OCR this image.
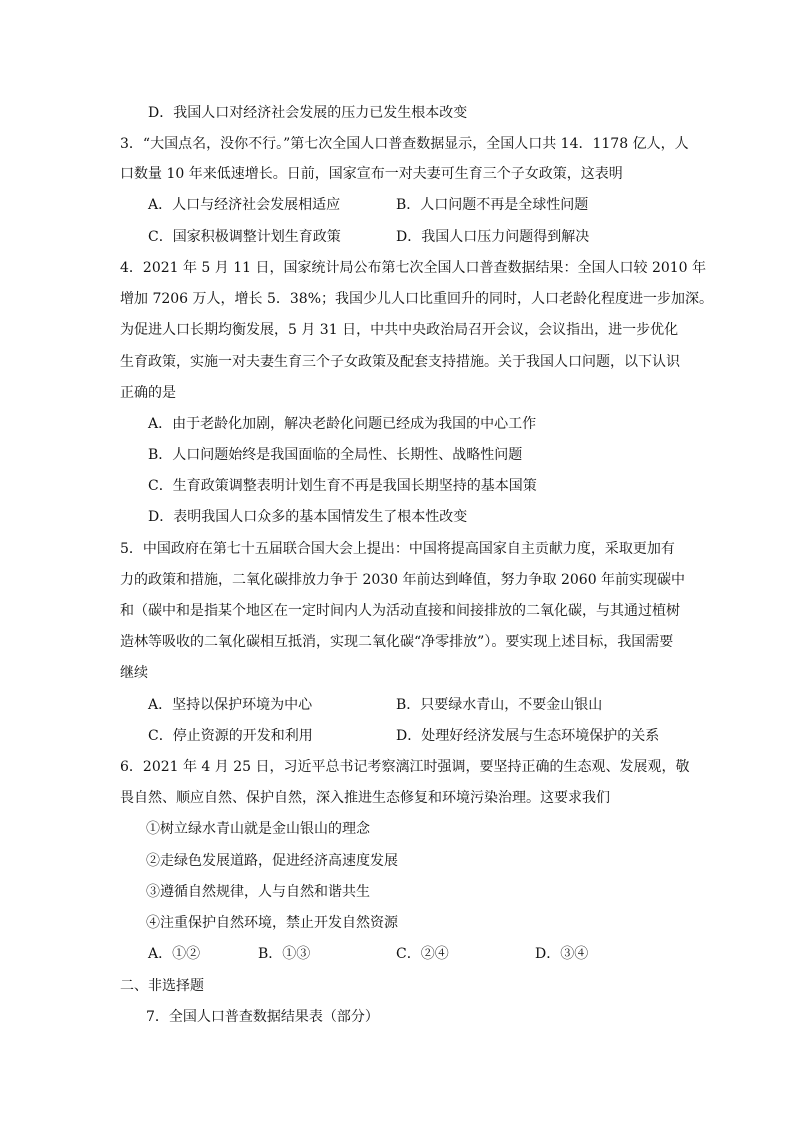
D．我国人口对经济社会发展的压力已发生根本改变
3．“大国点名，没你不行。”第七次全国人口普查数据显示，全国人口共 14．1178 亿人，人
口数量 10 年来低速增长。日前，国家宣布一对夫妻可生育三个子女政策，这表明
A．人口与经济社会发展相适应	B．人口问题不再是全球性问题
C．国家积极调整计划生育政策	D．我国人口压力问题得到解决
4．2021 年 5 月 11 日，国家统计局公布第七次全国人口普查数据结果：全国人口较 2010 年
增加 7206 万人，增长 5．38%；我国少儿人口比重回升的同时，人口老龄化程度进一步加深。
为促进人口长期均衡发展，5 月 31 日，中共中央政治局召开会议，会议指出，进一步优化
生育政策，实施一对夫妻生育三个子女政策及配套支持措施。关于我国人口问题，以下认识
正确的是
A．由于老龄化加剧，解决老龄化问题已经成为我国的中心工作
B．人口问题始终是我国面临的全局性、长期性、战略性问题
C．生育政策调整表明计划生育不再是我国长期坚持的基本国策
D．表明我国人口众多的基本国情发生了根本性改变
5．中国政府在第七十五届联合国大会上提出：中国将提高国家自主贡献力度，采取更加有
力的政策和措施，二氧化碳排放力争于 2030 年前达到峰值，努力争取 2060 年前实现碳中
和（碳中和是指某个地区在一定时间内人为活动直接和间接排放的二氧化碳，与其通过植树
造林等吸收的二氧化碳相互抵消，实现二氧化碳“净零排放”）。要实现上述目标，我国需要
继续
A．坚持以保护环境为中心	B．只要绿水青山，不要金山银山
C．停止资源的开发和利用	D．处理好经济发展与生态环境保护的关系
6．2021 年 4 月 25 日，习近平总书记考察漓江时强调，要坚持正确的生态观、发展观，敬
畏自然、顺应自然、保护自然，深入推进生态修复和环境污染治理。这要求我们
①树立绿水青山就是金山银山的理念
②走绿色发展道路，促进经济高速度发展
③遵循自然规律，人与自然和谐共生
④注重保护自然环境，禁止开发自然资源
A．①②	B．①③	C．②④	D．③④
二、非选择题
7．全国人口普查数据结果表（部分）
